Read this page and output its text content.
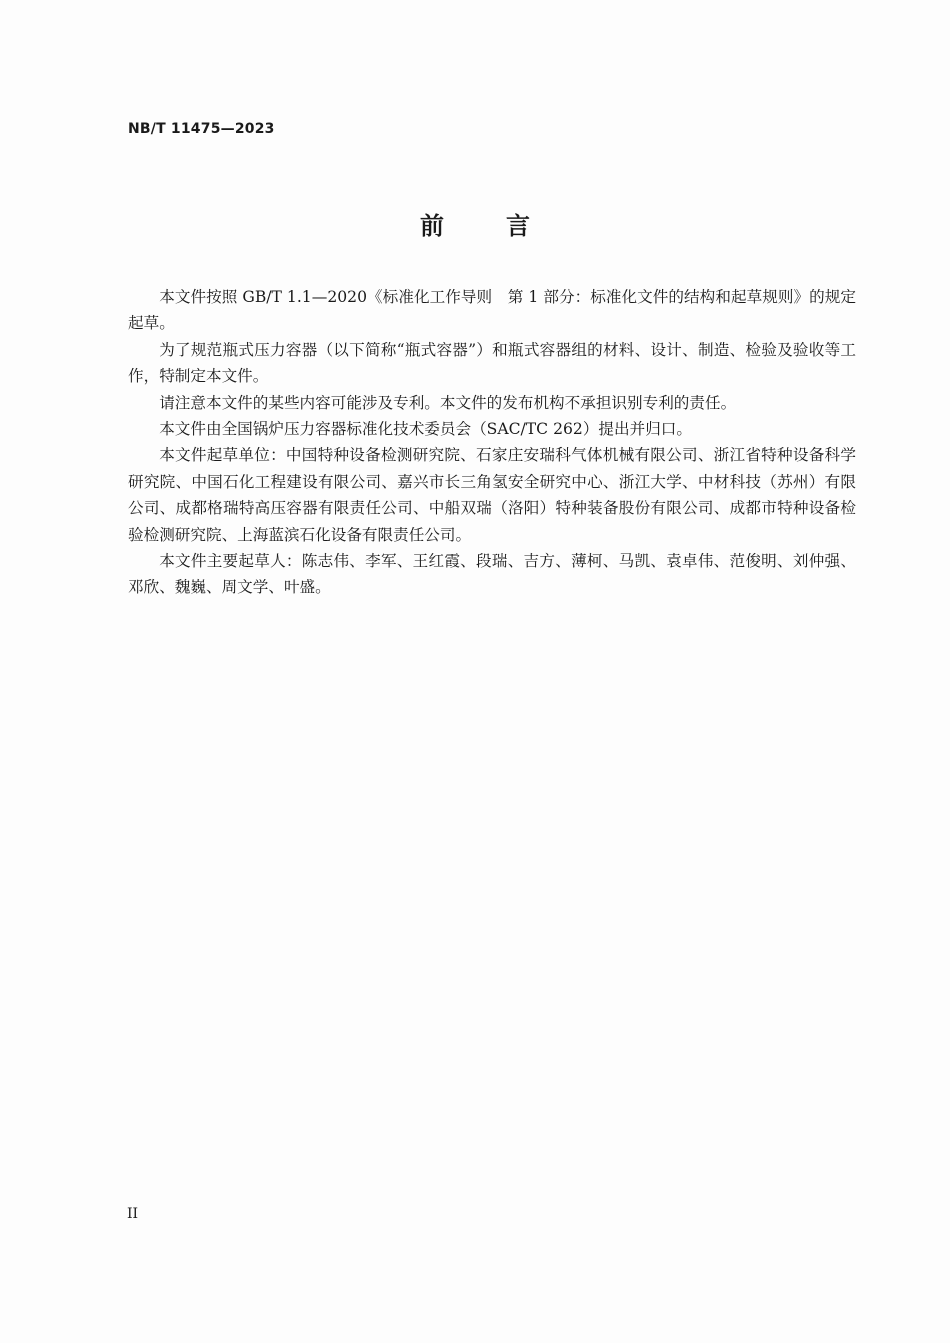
NB/T 11475—2023
前	言

本文件按照 GB/T 1.1—2020《标准化工作导则　第 1 部分：标准化文件的结构和起草规则》的规定起草。

为了规范瓶式压力容器（以下简称“瓶式容器”）和瓶式容器组的材料、设计、制造、检验及验收等工作，特制定本文件。

请注意本文件的某些内容可能涉及专利。本文件的发布机构不承担识别专利的责任。

本文件由全国锅炉压力容器标准化技术委员会（SAC/TC 262）提出并归口。

本文件起草单位：中国特种设备检测研究院、石家庄安瑞科气体机械有限公司、浙江省特种设备科学研究院、中国石化工程建设有限公司、嘉兴市长三角氢安全研究中心、浙江大学、中材科技（苏州）有限公司、成都格瑞特高压容器有限责任公司、中船双瑞（洛阳）特种装备股份有限公司、成都市特种设备检验检测研究院、上海蓝滨石化设备有限责任公司。

本文件主要起草人：陈志伟、李军、王红霞、段瑞、吉方、薄柯、马凯、袁卓伟、范俊明、刘仲强、邓欣、魏巍、周文学、叶盛。

II
